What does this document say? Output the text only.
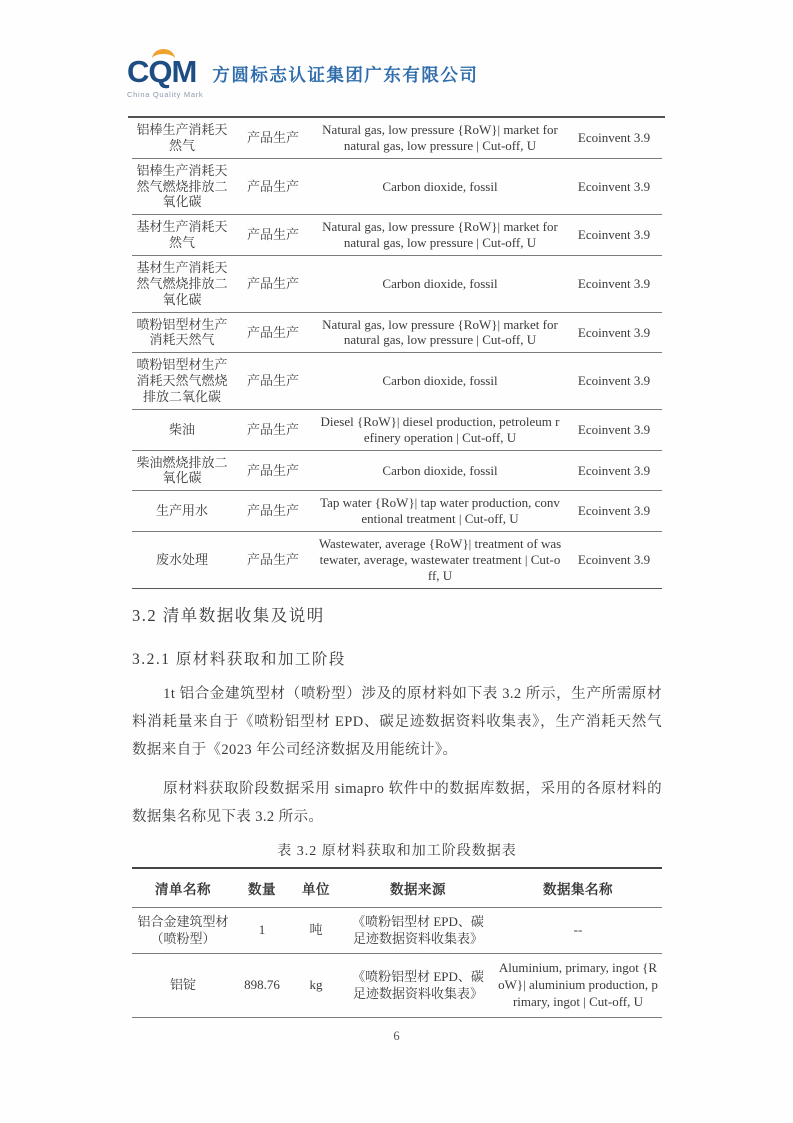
CQM
China Quality Mark
方圆标志认证集团广东有限公司
铝棒生产消耗天然气	产品生产	Natural gas, low pressure {RoW}| market for natural gas, low pressure | Cut-off, U	Ecoinvent 3.9
铝棒生产消耗天然气燃烧排放二氧化碳	产品生产	Carbon dioxide, fossil	Ecoinvent 3.9
基材生产消耗天然气	产品生产	Natural gas, low pressure {RoW}| market for natural gas, low pressure | Cut-off, U	Ecoinvent 3.9
基材生产消耗天然气燃烧排放二氧化碳	产品生产	Carbon dioxide, fossil	Ecoinvent 3.9
喷粉铝型材生产消耗天然气	产品生产	Natural gas, low pressure {RoW}| market for natural gas, low pressure | Cut-off, U	Ecoinvent 3.9
喷粉铝型材生产消耗天然气燃烧排放二氧化碳	产品生产	Carbon dioxide, fossil	Ecoinvent 3.9
柴油	产品生产	Diesel {RoW}| diesel production, petroleum refinery operation | Cut-off, U	Ecoinvent 3.9
柴油燃烧排放二氧化碳	产品生产	Carbon dioxide, fossil	Ecoinvent 3.9
生产用水	产品生产	Tap water {RoW}| tap water production, conventional treatment | Cut-off, U	Ecoinvent 3.9
废水处理	产品生产	Wastewater, average {RoW}| treatment of wastewater, average, wastewater treatment | Cut-off, U	Ecoinvent 3.9
3.2 清单数据收集及说明
3.2.1 原材料获取和加工阶段

1t 铝合金建筑型材（喷粉型）涉及的原材料如下表 3.2 所示，生产所需原材料消耗量来自于《喷粉铝型材 EPD、碳足迹数据资料收集表》，生产消耗天然气数据来自于《2023 年公司经济数据及用能统计》。

原材料获取阶段数据采用 simapro 软件中的数据库数据，采用的各原材料的数据集名称见下表 3.2 所示。

表 3.2 原材料获取和加工阶段数据表
清单名称	数量	单位	数据来源	数据集名称
铝合金建筑型材（喷粉型）	1	吨	《喷粉铝型材 EPD、碳足迹数据资料收集表》	--
铝锭	898.76	kg	《喷粉铝型材 EPD、碳足迹数据资料收集表》	Aluminium, primary, ingot {RoW}| aluminium production, primary, ingot | Cut-off, U
6
